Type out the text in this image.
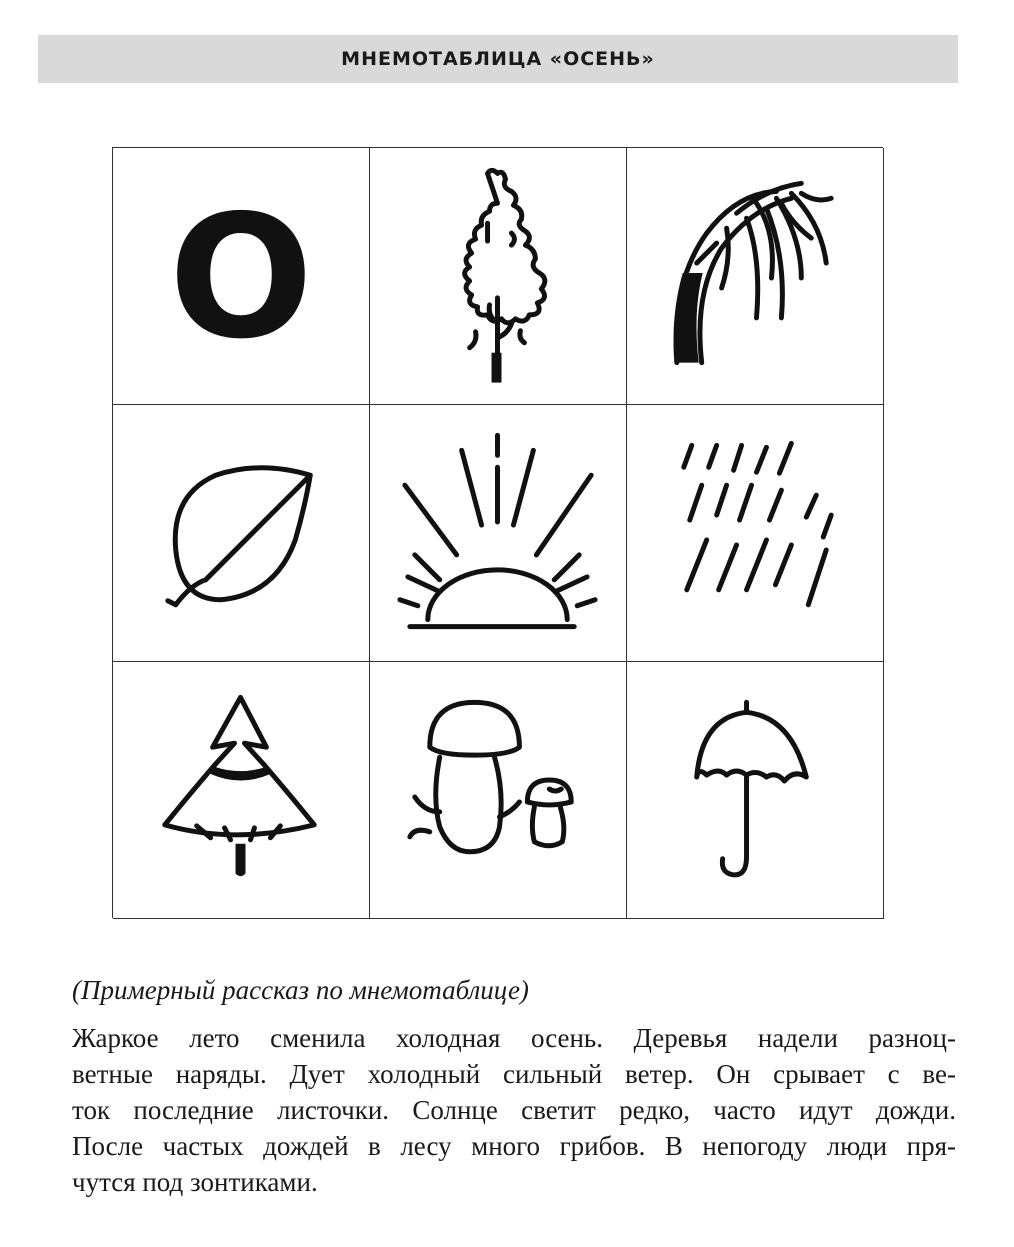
МНЕМОТАБЛИЦА «ОСЕНЬ»
О
(Примерный рассказ по мнемотаблице)
Жаркое лето сменила холодная осень. Деревья надели разноц-
ветные наряды. Дует холодный сильный ветер. Он срывает с ве-
ток последние листочки. Солнце светит редко, часто идут дожди.
После частых дождей в лесу много грибов. В непогоду люди пря-
чутся под зонтиками.
